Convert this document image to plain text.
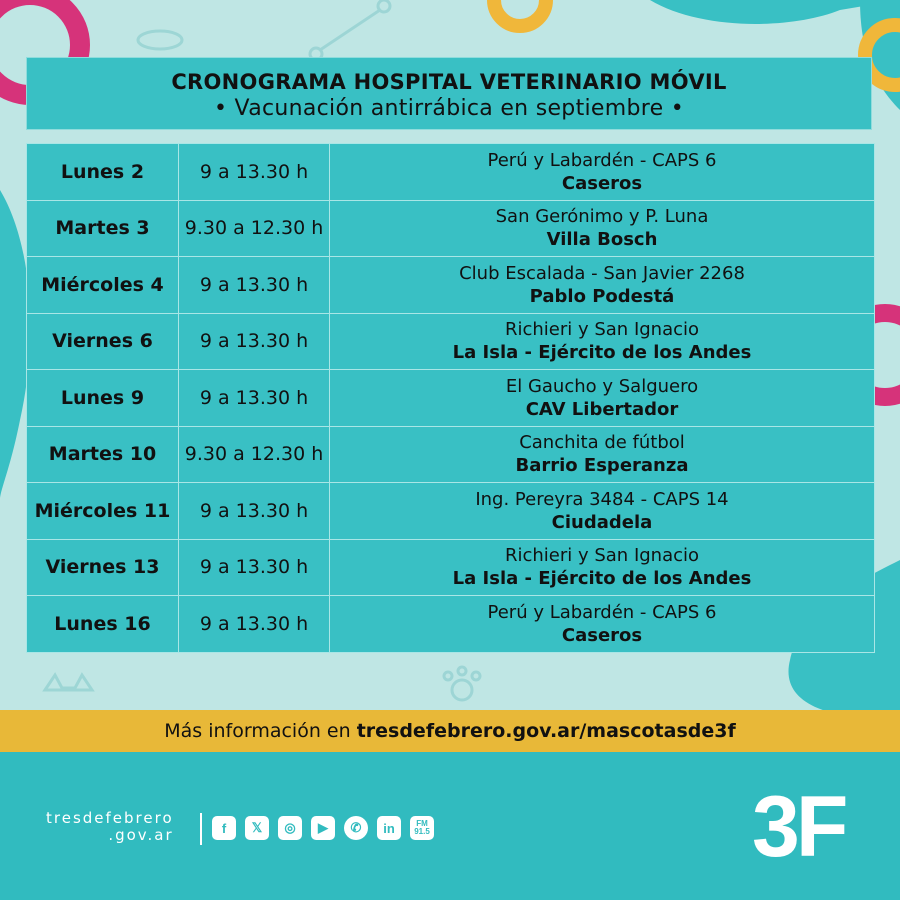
CRONOGRAMA HOSPITAL VETERINARIO MÓVIL
• Vacunación antirrábica en septiembre •
Lunes 2	9 a 13.30 h	Perú y Labardén - CAPS 6
Caseros

Martes 3	9.30 a 12.30 h	San Gerónimo y P. Luna
Villa Bosch

Miércoles 4	9 a 13.30 h	Club Escalada - San Javier 2268
Pablo Podestá

Viernes 6	9 a 13.30 h	Richieri y San Ignacio
La Isla - Ejército de los Andes

Lunes 9	9 a 13.30 h	El Gaucho y Salguero
CAV Libertador

Martes 10	9.30 a 12.30 h	Canchita de fútbol
Barrio Esperanza

Miércoles 11	9 a 13.30 h	Ing. Pereyra 3484 - CAPS 14
Ciudadela

Viernes 13	9 a 13.30 h	Richieri y San Ignacio
La Isla - Ejército de los Andes

Lunes 16	9 a 13.30 h	Perú y Labardén - CAPS 6
Caseros
Más información en tresdefebrero.gov.ar/mascotasde3f
tresdefebrero
.gov.ar	f	𝕏	◎	▶	✆	in	FM 91.5	3F
